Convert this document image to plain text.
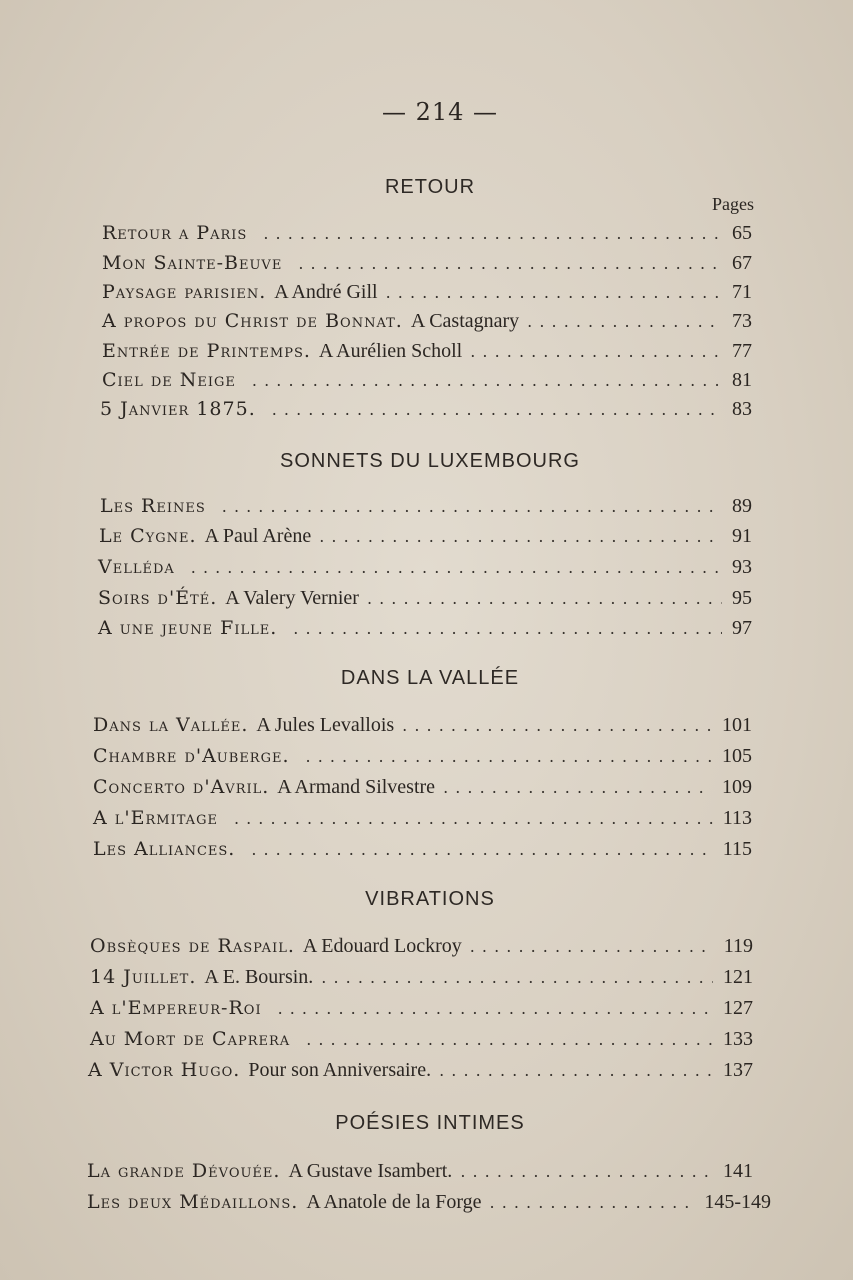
— 214 —
Pages
RETOUR
Retour a Paris . . .	65
Mon Sainte-Beuve . . .	67
Paysage parisien. A André Gill . . .	71
A propos du Christ de Bonnat. A Castagnary . . .	73
Entrée de Printemps. A Aurélien Scholl . . .	77
Ciel de Neige . . .	81
5 Janvier 1875. . . .	83
SONNETS DU LUXEMBOURG
Les Reines . . .	89
Le Cygne. A Paul Arène . . .	91
Velléda . . .	93
Soirs d'Été. A Valery Vernier . . .	95
A une jeune Fille. . . .	97
DANS LA VALLÉE
Dans la Vallée. A Jules Levallois . . .	101
Chambre d'Auberge. . . .	105
Concerto d'Avril. A Armand Silvestre . . .	109
A l'Ermitage . . .	113
Les Alliances. . . .	115
VIBRATIONS
Obsèques de Raspail. A Edouard Lockroy . . .	119
14 Juillet. A E. Boursin. . . .	121
A l'Empereur-Roi . . .	127
Au Mort de Caprera . . .	133
A Victor Hugo. Pour son Anniversaire. . . .	137
POÉSIES INTIMES
La grande Dévouée. A Gustave Isambert. . . .	141
Les deux Médaillons. A Anatole de la Forge . . .	145-149
